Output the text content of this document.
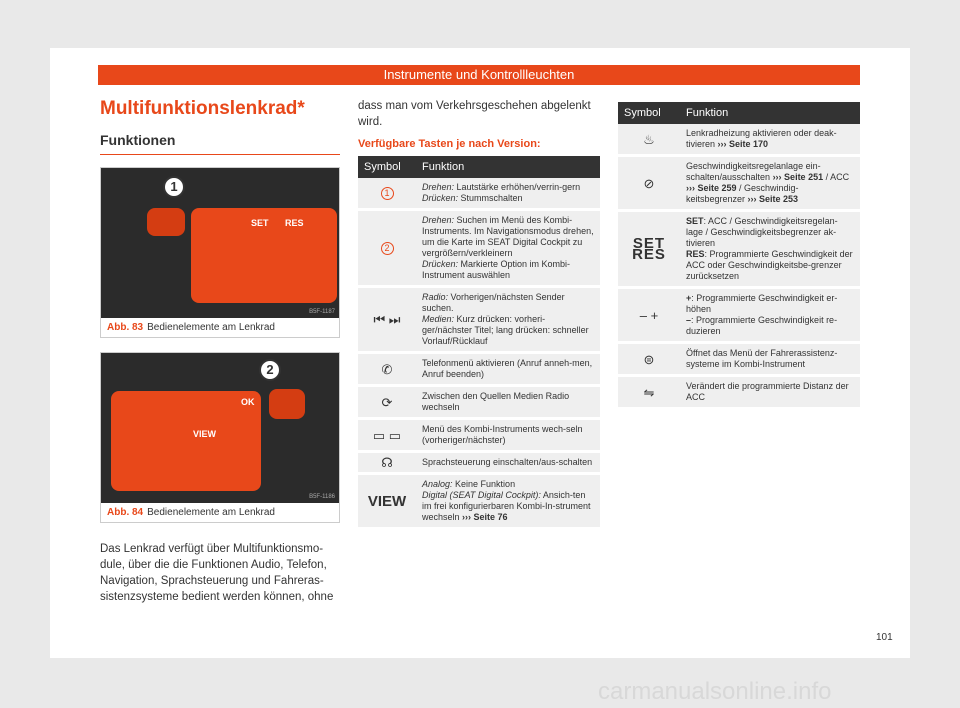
Instrumente und Kontrollleuchten
Multifunktionslenkrad*
Funktionen
SET RES
1
B5F-1187
Abb. 83 Bedienelemente am Lenkrad
VIEW
OK
2
B5F-1186
Abb. 84 Bedienelemente am Lenkrad
Das Lenkrad verfügt über Multifunktionsmo-dule, über die die Funktionen Audio, Telefon, Navigation, Sprachsteuerung und Fahreras-sistenzsysteme bedient werden können, ohne
dass man vom Verkehrsgeschehen abgelenkt wird.
Verfügbare Tasten je nach Version:
Symbol	Funktion
1	Drehen: Lautstärke erhöhen/verrin-gern
Drücken: Stummschalten
2	Drehen: Suchen im Menü des Kombi-Instruments. Im Navigationsmodus drehen, um die Karte im SEAT Digital Cockpit zu vergrößern/verkleinern
Drücken: Markierte Option im Kombi-Instrument auswählen
⏮ ⏭	Radio: Vorherigen/nächsten Sender suchen.
Medien: Kurz drücken: vorheri-ger/nächster Titel; lang drücken: schneller Vorlauf/Rücklauf
✆	Telefonmenü aktivieren (Anruf anneh-men, Anruf beenden)
⟳	Zwischen den Quellen Medien Radio wechseln
▭ ▭	Menü des Kombi-Instruments wech-seln (vorheriger/nächster)
☊	Sprachsteuerung einschalten/aus-schalten
VIEW	Analog: Keine Funktion
Digital (SEAT Digital Cockpit): Ansich-ten im frei konfigurierbaren Kombi-In-strument wechseln ››› Seite 76
Symbol	Funktion
♨	Lenkradheizung aktivieren oder deak-tivieren ››› Seite 170
⊘	Geschwindigkeitsregelanlage ein-schalten/ausschalten ››› Seite 251 / ACC ››› Seite 259 / Geschwindig-keitsbegrenzer ››› Seite 253
SET RES	SET: ACC / Geschwindigkeitsregelan-lage / Geschwindigkeitsbegrenzer ak-tivieren
RES: Programmierte Geschwindigkeit der ACC oder Geschwindigkeitsbe-grenzer zurücksetzen
– +	+: Programmierte Geschwindigkeit er-höhen
–: Programmierte Geschwindigkeit re-duzieren
⊜	Öffnet das Menü der Fahrerassistenz-systeme im Kombi-Instrument
⇋	Verändert die programmierte Distanz der ACC
101
carmanualsonline.info
